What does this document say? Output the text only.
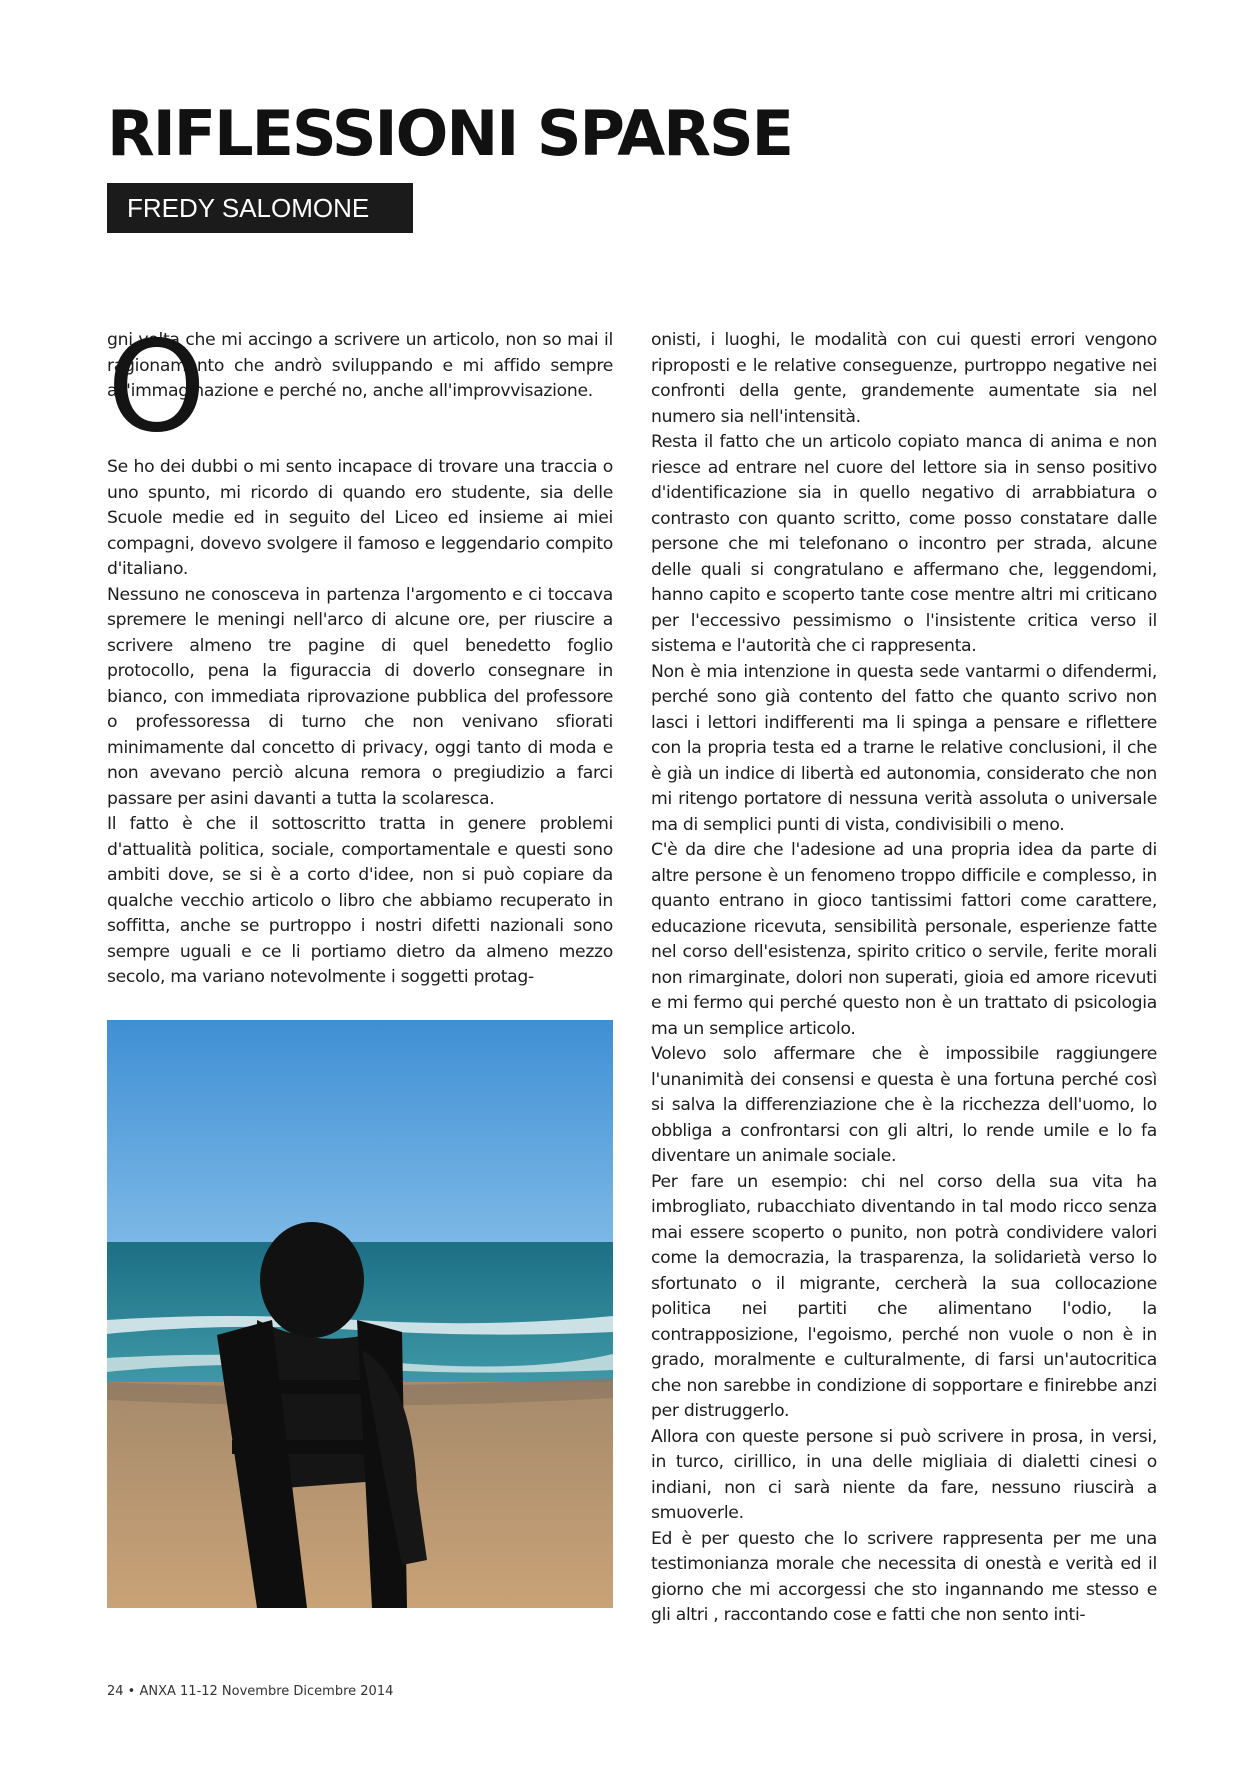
RIFLESSIONI SPARSE
FREDY SALOMONE
O

gni volta che mi accingo a scrivere un articolo, non so mai il ragionamento che andrò sviluppando e mi affido sempre all'immaginazione e perché no, anche all'improvvisazione.

Se ho dei dubbi o mi sento incapace di trovare una traccia o uno spunto, mi ricordo di quando ero studente, sia delle Scuole medie ed in seguito del Liceo ed insieme ai miei compagni, dovevo svolgere il famoso e leggendario compito d'italiano.

Nessuno ne conosceva in partenza l'argomento e ci toccava spremere le meningi nell'arco di alcune ore, per riuscire a scrivere almeno tre pagine di quel benedetto foglio protocollo, pena la figuraccia di doverlo consegnare in bianco, con immediata riprovazione pubblica del professore o professoressa di turno che non venivano sfiorati minimamente dal concetto di privacy, oggi tanto di moda e non avevano perciò alcuna remora o pregiudizio a farci passare per asini davanti a tutta la scolaresca.

Il fatto è che il sottoscritto tratta in genere problemi d'attualità politica, sociale, comportamentale e questi sono ambiti dove, se si è a corto d'idee, non si può copiare da qualche vecchio articolo o libro che abbiamo recuperato in soffitta, anche se purtroppo i nostri difetti nazionali sono sempre uguali e ce li portiamo dietro da almeno mezzo secolo, ma variano notevolmente i soggetti protag-

onisti, i luoghi, le modalità con cui questi errori vengono riproposti e le relative conseguenze, purtroppo negative nei confronti della gente, grandemente aumentate sia nel numero sia nell'intensità.

Resta il fatto che un articolo copiato manca di anima e non riesce ad entrare nel cuore del lettore sia in senso positivo d'identificazione sia in quello negativo di arrabbiatura o contrasto con quanto scritto, come posso constatare dalle persone che mi telefonano o incontro per strada, alcune delle quali si congratulano e affermano che, leggendomi, hanno capito e scoperto tante cose mentre altri mi criticano per l'eccessivo pessimismo o l'insistente critica verso il sistema e l'autorità che ci rappresenta.

Non è mia intenzione in questa sede vantarmi o difendermi, perché sono già contento del fatto che quanto scrivo non lasci i lettori indifferenti ma li spinga a pensare e riflettere con la propria testa ed a trarne le relative conclusioni, il che è già un indice di libertà ed autonomia, considerato che non mi ritengo portatore di nessuna verità assoluta o universale ma di semplici punti di vista, condivisibili o meno.

C'è da dire che l'adesione ad una propria idea da parte di altre persone è un fenomeno troppo difficile e complesso, in quanto entrano in gioco tantissimi fattori come carattere, educazione ricevuta, sensibilità personale, esperienze fatte nel corso dell'esistenza, spirito critico o servile, ferite morali non rimarginate, dolori non superati, gioia ed amore ricevuti e mi fermo qui perché questo non è un trattato di psicologia ma un semplice articolo.

Volevo solo affermare che è impossibile raggiungere l'unanimità dei consensi e questa è una fortuna perché così si salva la differenziazione che è la ricchezza dell'uomo, lo obbliga a confrontarsi con gli altri, lo rende umile e lo fa diventare un animale sociale.

Per fare un esempio: chi nel corso della sua vita ha imbrogliato, rubacchiato diventando in tal modo ricco senza mai essere scoperto o punito, non potrà condividere valori come la democrazia, la trasparenza, la solidarietà verso lo sfortunato o il migrante, cercherà la sua collocazione politica nei partiti che alimentano l'odio, la contrapposizione, l'egoismo, perché non vuole o non è in grado, moralmente e culturalmente, di farsi un'autocritica che non sarebbe in condizione di sopportare e finirebbe anzi per distruggerlo.

Allora con queste persone si può scrivere in prosa, in versi, in turco, cirillico, in una delle migliaia di dialetti cinesi o indiani, non ci sarà niente da fare, nessuno riuscirà a smuoverle.

Ed è per questo che lo scrivere rappresenta per me una testimonianza morale che necessita di onestà e verità ed il giorno che mi accorgessi che sto ingannando me stesso e gli altri , raccontando cose e fatti che non sento inti-

24 • ANXA 11-12 Novembre Dicembre 2014
